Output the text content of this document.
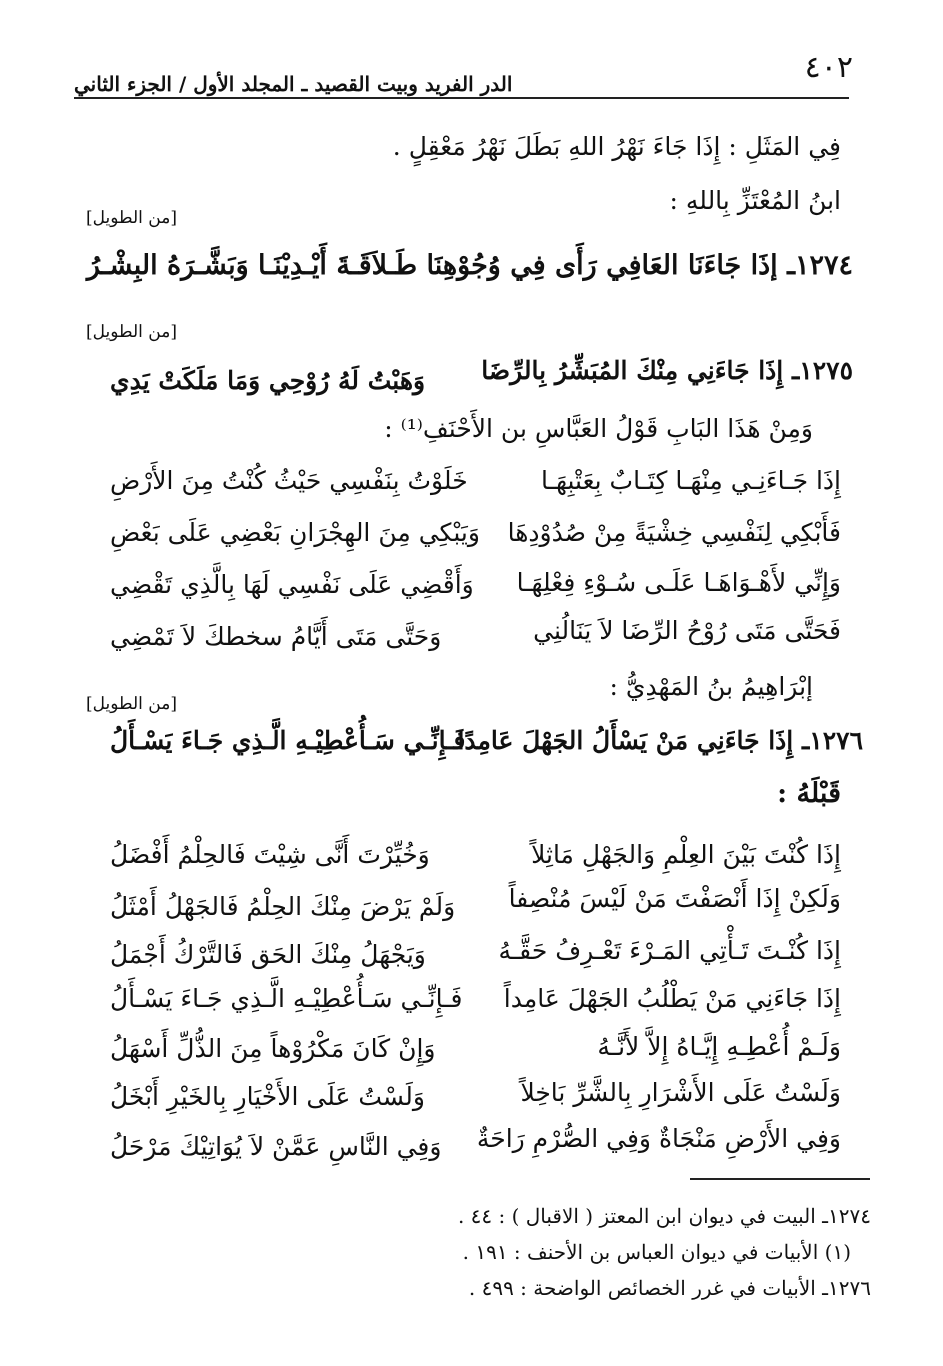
٤٠٢
الدر الفريد وبيت القصيد ـ المجلد الأول / الجزء الثاني
فِي المَثَلِ : إِذَا جَاءَ نَهْرُ اللهِ بَطَلَ نَهْرُ مَعْقِلٍ .
ابنُ المُعْتَزِّ بِاللهِ :
[من الطويل]
١٢٧٤ـ إذَا جَاءَنَا العَافِي رَأَى فِي وُجُوْهِنَا طَـلاَقَـةَ أَيْـدِيْنَـا وَبَشَّـرَهُ البِشْـرُ
[من الطويل]
١٢٧٥ـ إِذَا جَاءَنِي مِنْكَ المُبَشِّرُ بِالرِّضَا
وَهَبْتُ لَهُ رُوْحِي وَمَا مَلَكَتْ يَدِي
وَمِنْ هَذَا البَابِ قَوْلُ العَبَّاسِ بن الأَحْنَفِ⁽¹⁾ :
إِذَا جَـاءَنِـي مِنْهَـا كِتَـابٌ بِعَتْبِهَـا
خَلَوْتُ بِنَفْسِي حَيْثُ كُنْتُ مِنَ الأَرْضِ
فَأَبْكِي لِنَفْسِي خِشْيَةً مِنْ صُدُوْدِهَا
وَيَبْكِي مِنَ الهِجْرَانِ بَعْضِي عَلَى بَعْضِ
وَإِنِّي لأَهْـوَاهَـا عَلَـى سُـوْءِ فِعْلِهَـا
وَأَقْضِي عَلَى نَفْسِي لَهَا بِالَّذِي تَقْضِي
فَحَتَّى مَتَى رُوْحُ الرِّضَا لاَ يَنَالُنِي
وَحَتَّى مَتَى أَيَّامُ سخطكَ لاَ تَمْضِي
إبْرَاهِيمُ بنُ المَهْدِيُّ :
[من الطويل]
١٢٧٦ـ إِذَا جَاءَنِي مَنْ يَسْأَلُ الجَهْلَ عَامِدًا
فَـإِنِّـي سَـأُعْطِيْـهِ الَّـذِي جَـاءَ يَسْـأَلُ
قَبْلَهُ :
إِذَا كُنْتَ بَيْنَ العِلْمِ وَالجَهْلِ مَاثِلاً
وَخُيِّرْتَ أَنَّى شِيْتَ فَالحِلْمُ أَفْضَلُ
وَلَكِنْ إِذَا أَنْصَفْتَ مَنْ لَيْسَ مُنْصِفاً
وَلَمْ يَرْضَ مِنْكَ الحِلْمُ فَالجَهْلُ أَمْثَلُ
إِذَا كُنْـتَ تَـأْتِي المَـرْءَ تَعْـرِفُ حَقَّـهُ
وَيَجْهَلُ مِنْكَ الحَق فَالتَّرْكُ أَجْمَلُ
إِذَا جَاءَنِي مَنْ يَطْلُبُ الجَهْلَ عَامِداً
فَـإِنِّـي سَـأُعْطِيْـهِ الَّـذِي جَـاءَ يَسْـأَلُ
وَلَـمْ أُعْطِـهِ إِيَّـاهُ إِلاَّ لأَنَّـهُ
وَإِنْ كَانَ مَكْرُوْهاً مِنَ الذُّلِّ أَسْهَلُ
وَلَسْتُ عَلَى الأَشْرَارِ بِالشَّرِّ بَاخِلاً
وَلَسْتُ عَلَى الأَخْيَارِ بِالخَيْرِ أَبْخَلُ
وَفِي الأَرْضِ مَنْجَاةٌ وَفِي الصُّرْمِ رَاحَةٌ
وَفِي النَّاسِ عَمَّنْ لاَ يُوَاتِيْكَ مَرْحَلُ
١٢٧٤ـ البيت في ديوان ابن المعتز ( الاقبال ) : ٤٤ .
(١) الأبيات في ديوان العباس بن الأحنف : ١٩١ .
١٢٧٦ـ الأبيات في غرر الخصائص الواضحة : ٤٩٩ .
